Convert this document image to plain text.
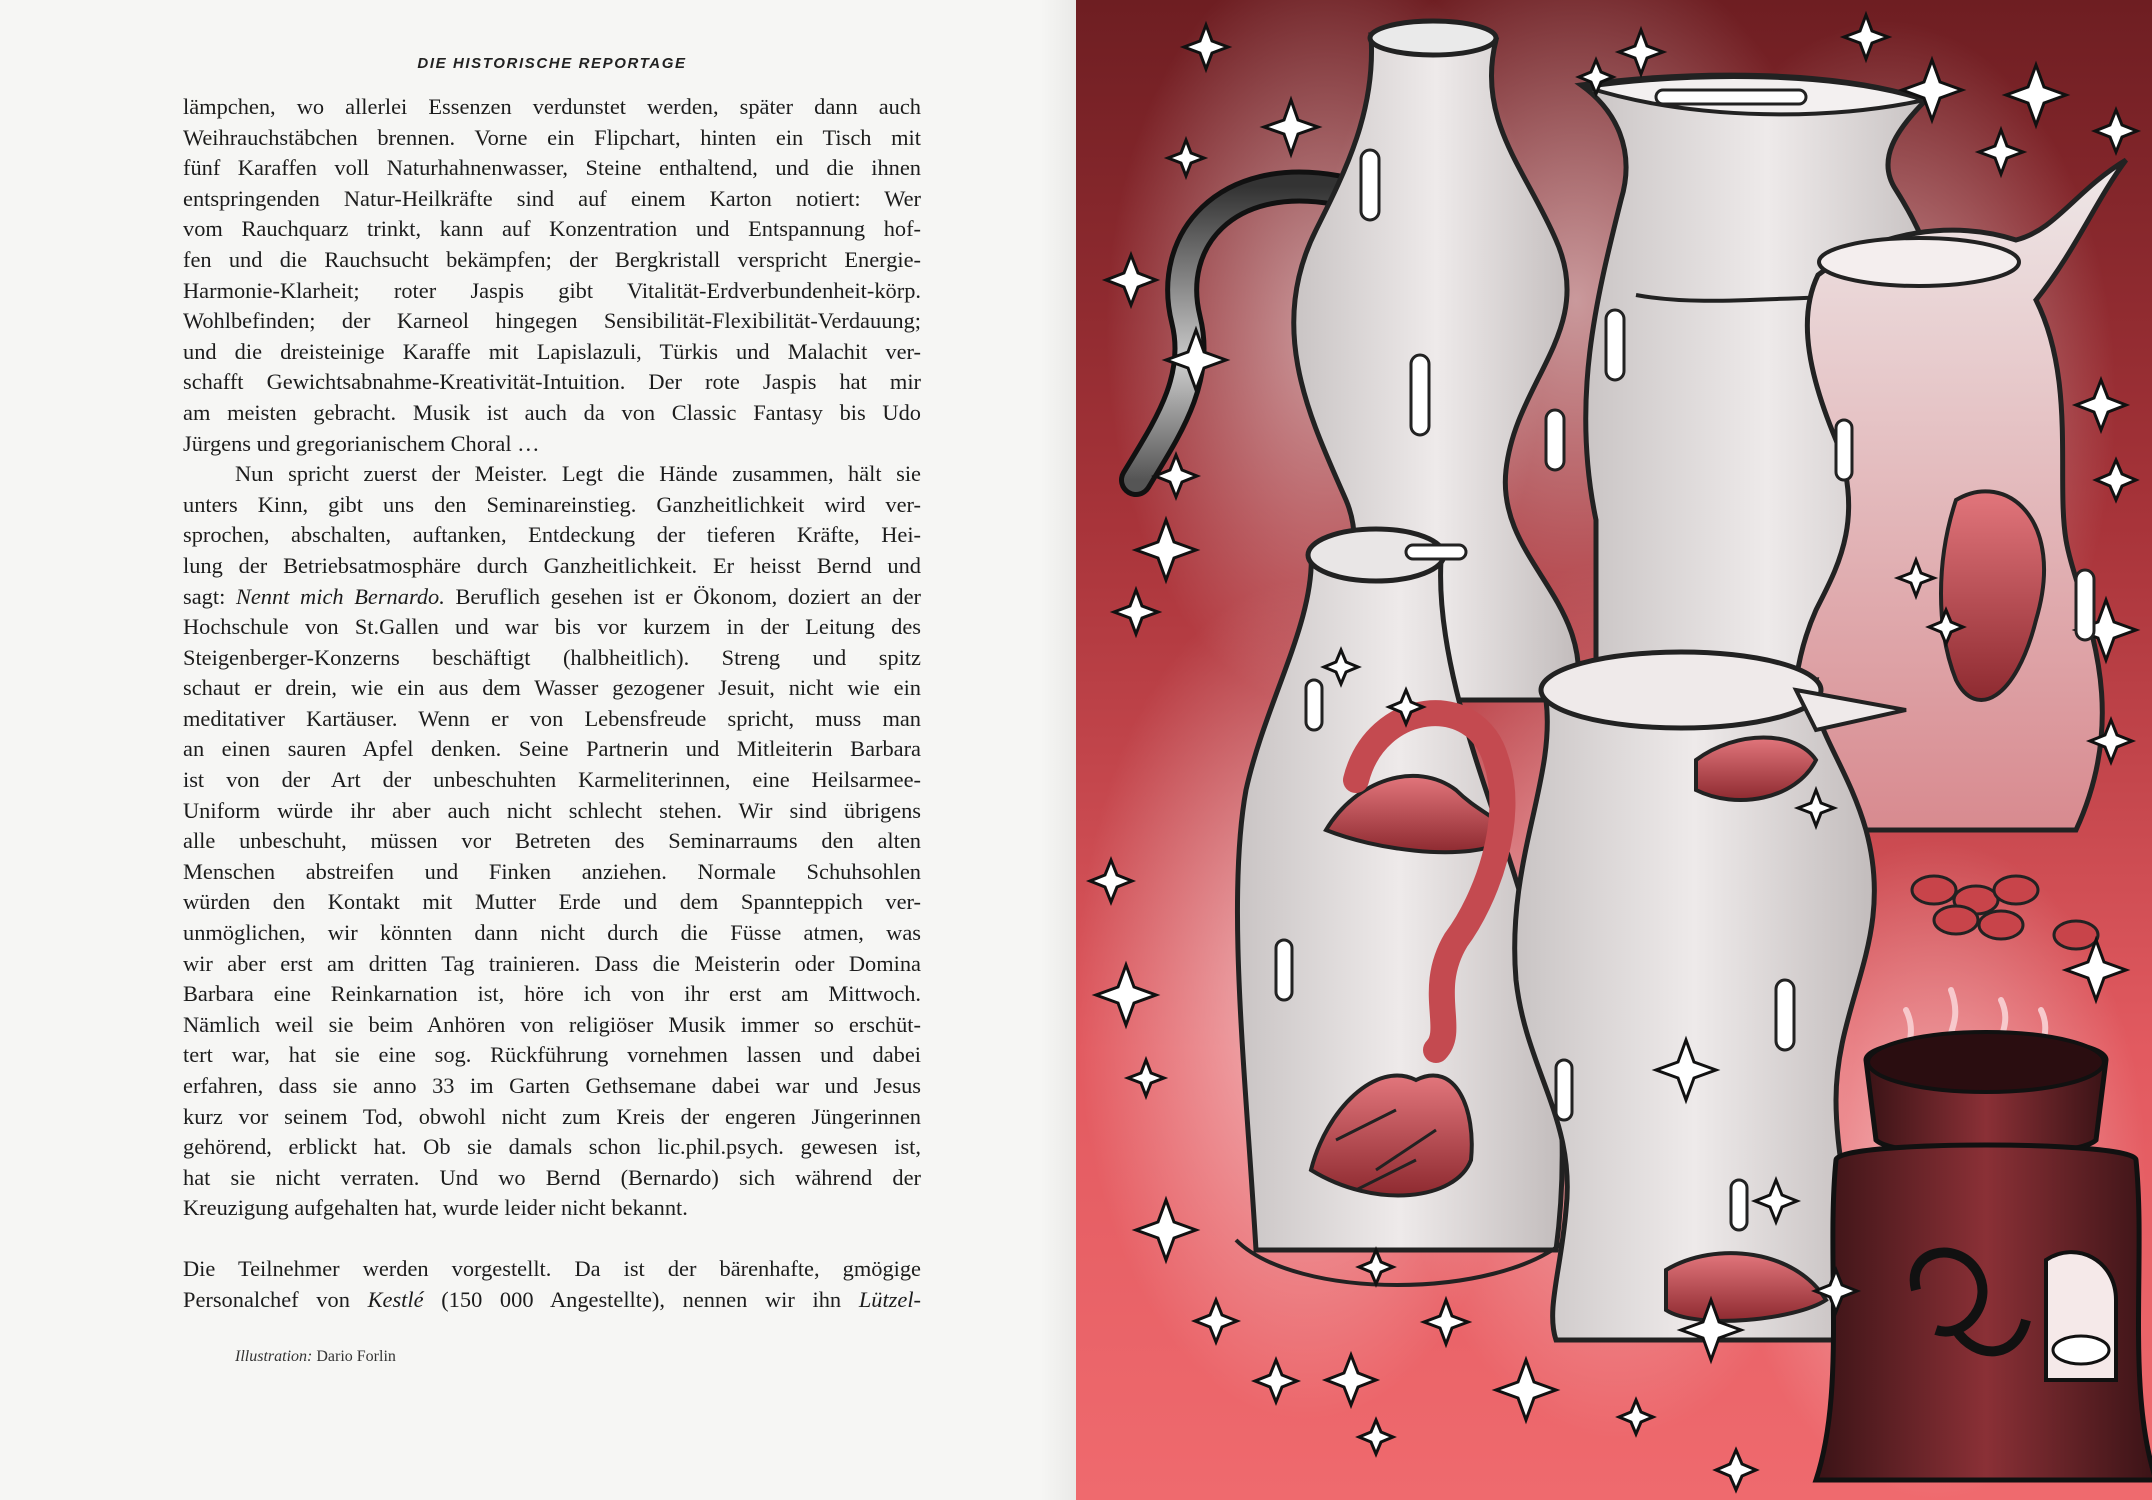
DIE HISTORISCHE REPORTAGE

lämpchen, wo allerlei Essenzen verdunstet werden, später dann auch

Weihrauchstäbchen brennen. Vorne ein Flipchart, hinten ein Tisch mit

fünf Karaffen voll Naturhahnenwasser, Steine enthaltend, und die ihnen

entspringenden Natur-Heilkräfte sind auf einem Karton notiert: Wer

vom Rauchquarz trinkt, kann auf Konzentration und Entspannung hof-

fen und die Rauchsucht bekämpfen; der Bergkristall verspricht Energie-

Harmonie-Klarheit; roter Jaspis gibt Vitalität-Erdverbundenheit-körp.

Wohlbefinden; der Karneol hingegen Sensibilität-Flexibilität-Verdauung;

und die dreisteinige Karaffe mit Lapislazuli, Türkis und Malachit ver-

schafft Gewichtsabnahme-Kreativität-Intuition. Der rote Jaspis hat mir

am meisten gebracht. Musik ist auch da von Classic Fantasy bis Udo

Jürgens und gregorianischem Choral …

Nun spricht zuerst der Meister. Legt die Hände zusammen, hält sie

unters Kinn, gibt uns den Seminareinstieg. Ganzheitlichkeit wird ver-

sprochen, abschalten, auftanken, Entdeckung der tieferen Kräfte, Hei-

lung der Betriebsatmosphäre durch Ganzheitlichkeit. Er heisst Bernd und

sagt: Nennt mich Bernardo. Beruflich gesehen ist er Ökonom, doziert an der

Hochschule von St.Gallen und war bis vor kurzem in der Leitung des

Steigenberger-Konzerns beschäftigt (halbheitlich). Streng und spitz

schaut er drein, wie ein aus dem Wasser gezogener Jesuit, nicht wie ein

meditativer Kartäuser. Wenn er von Lebensfreude spricht, muss man

an einen sauren Apfel denken. Seine Partnerin und Mitleiterin Barbara

ist von der Art der unbeschuhten Karmeliterinnen, eine Heilsarmee-

Uniform würde ihr aber auch nicht schlecht stehen. Wir sind übrigens

alle unbeschuht, müssen vor Betreten des Seminarraums den alten

Menschen abstreifen und Finken anziehen. Normale Schuhsohlen

würden den Kontakt mit Mutter Erde und dem Spannteppich ver-

unmöglichen, wir könnten dann nicht durch die Füsse atmen, was

wir aber erst am dritten Tag trainieren. Dass die Meisterin oder Domina

Barbara eine Reinkarnation ist, höre ich von ihr erst am Mittwoch.

Nämlich weil sie beim Anhören von religiöser Musik immer so erschüt-

tert war, hat sie eine sog. Rückführung vornehmen lassen und dabei

erfahren, dass sie anno 33 im Garten Gethsemane dabei war und Jesus

kurz vor seinem Tod, obwohl nicht zum Kreis der engeren Jüngerinnen

gehörend, erblickt hat. Ob sie damals schon lic.phil.psych. gewesen ist,

hat sie nicht verraten. Und wo Bernd (Bernardo) sich während der

Kreuzigung aufgehalten hat, wurde leider nicht bekannt.

Die Teilnehmer werden vorgestellt. Da ist der bärenhafte, gmögige

Personalchef von Kestlé (150 000 Angestellte), nennen wir ihn Lützel-

Illustration: Dario Forlin
